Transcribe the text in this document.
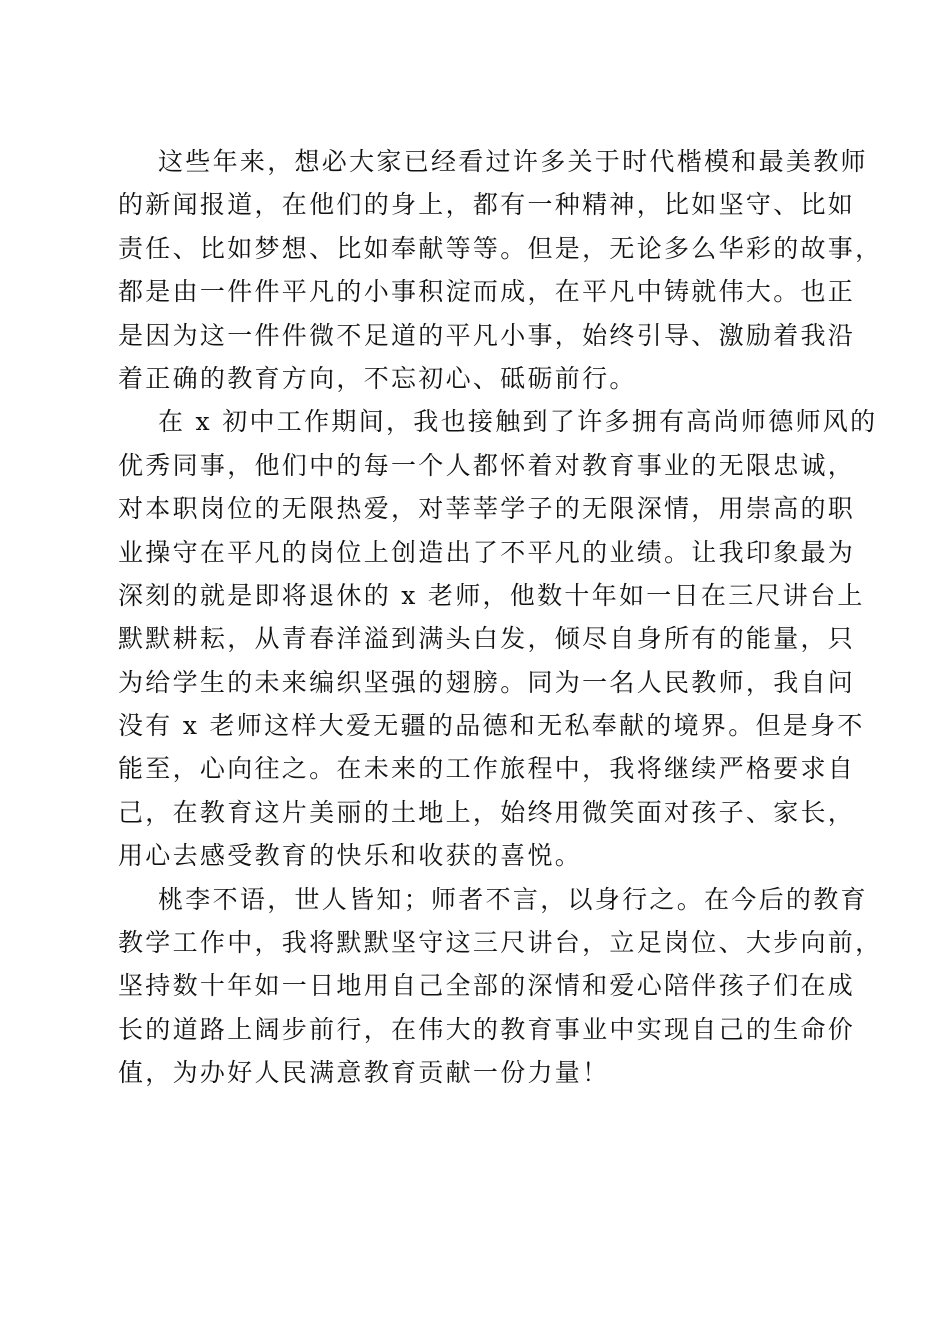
这些年来，想必大家已经看过许多关于时代楷模和最美教师
的新闻报道，在他们的身上，都有一种精神，比如坚守、比如
责任、比如梦想、比如奉献等等。但是，无论多么华彩的故事，
都是由一件件平凡的小事积淀而成，在平凡中铸就伟大。也正
是因为这一件件微不足道的平凡小事，始终引导、激励着我沿
着正确的教育方向，不忘初心、砥砺前行。

在 x 初中工作期间，我也接触到了许多拥有高尚师德师风的
优秀同事，他们中的每一个人都怀着对教育事业的无限忠诚，
对本职岗位的无限热爱，对莘莘学子的无限深情，用崇高的职
业操守在平凡的岗位上创造出了不平凡的业绩。让我印象最为
深刻的就是即将退休的 x 老师，他数十年如一日在三尺讲台上
默默耕耘，从青春洋溢到满头白发，倾尽自身所有的能量，只
为给学生的未来编织坚强的翅膀。同为一名人民教师，我自问
没有 x 老师这样大爱无疆的品德和无私奉献的境界。但是身不
能至，心向往之。在未来的工作旅程中，我将继续严格要求自
己，在教育这片美丽的土地上，始终用微笑面对孩子、家长，
用心去感受教育的快乐和收获的喜悦。

桃李不语，世人皆知；师者不言，以身行之。在今后的教育
教学工作中，我将默默坚守这三尺讲台，立足岗位、大步向前，
坚持数十年如一日地用自己全部的深情和爱心陪伴孩子们在成
长的道路上阔步前行，在伟大的教育事业中实现自己的生命价
值，为办好人民满意教育贡献一份力量！
